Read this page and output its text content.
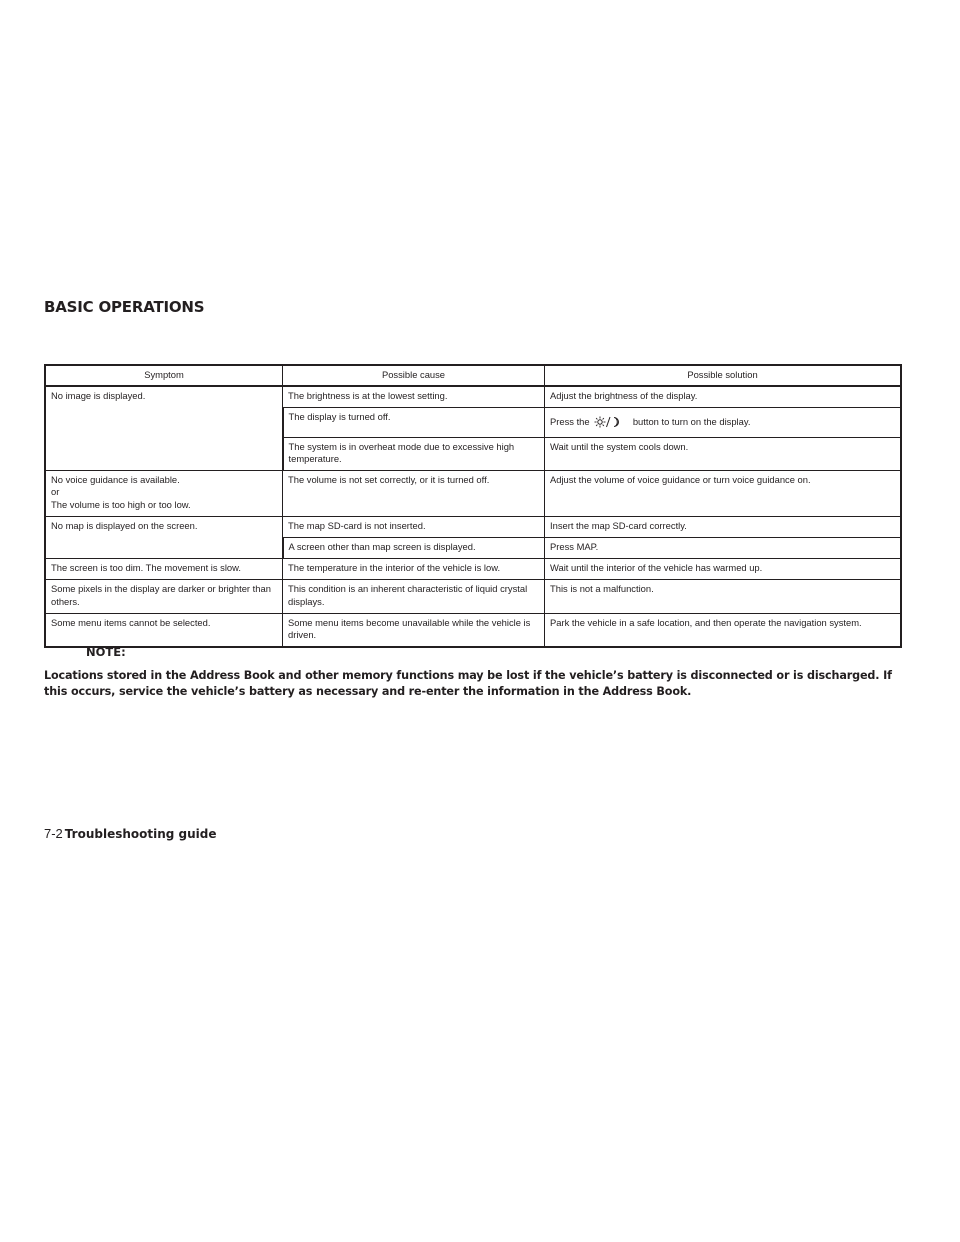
BASIC OPERATIONS
Symptom	Possible cause	Possible solution

No image is displayed.	The brightness is at the lowest setting.	Adjust the brightness of the display.
	The display is turned off.	Press the button to turn on the display.
	The system is in overheat mode due to excessive high temperature.	Wait until the system cools down.

No voice guidance is available.
or
The volume is too high or too low.	The volume is not set correctly, or it is turned off.	Adjust the volume of voice guidance or turn voice guidance on.

No map is displayed on the screen.	The map SD-card is not inserted.	Insert the map SD-card correctly.
	A screen other than map screen is displayed.	Press MAP.

The screen is too dim. The movement is slow.	The temperature in the interior of the vehicle is low.	Wait until the interior of the vehicle has warmed up.

Some pixels in the display are darker or brighter than others.	This condition is an inherent characteristic of liquid crystal displays.	This is not a malfunction.

Some menu items cannot be selected.	Some menu items become unavailable while the vehicle is driven.	Park the vehicle in a safe location, and then operate the navigation system.

NOTE:

Locations stored in the Address Book and other memory functions may be lost if the vehicle’s battery is disconnected or is discharged. If this occurs, service the vehicle’s battery as necessary and re-enter the information in the Address Book.

7-2 Troubleshooting guide
